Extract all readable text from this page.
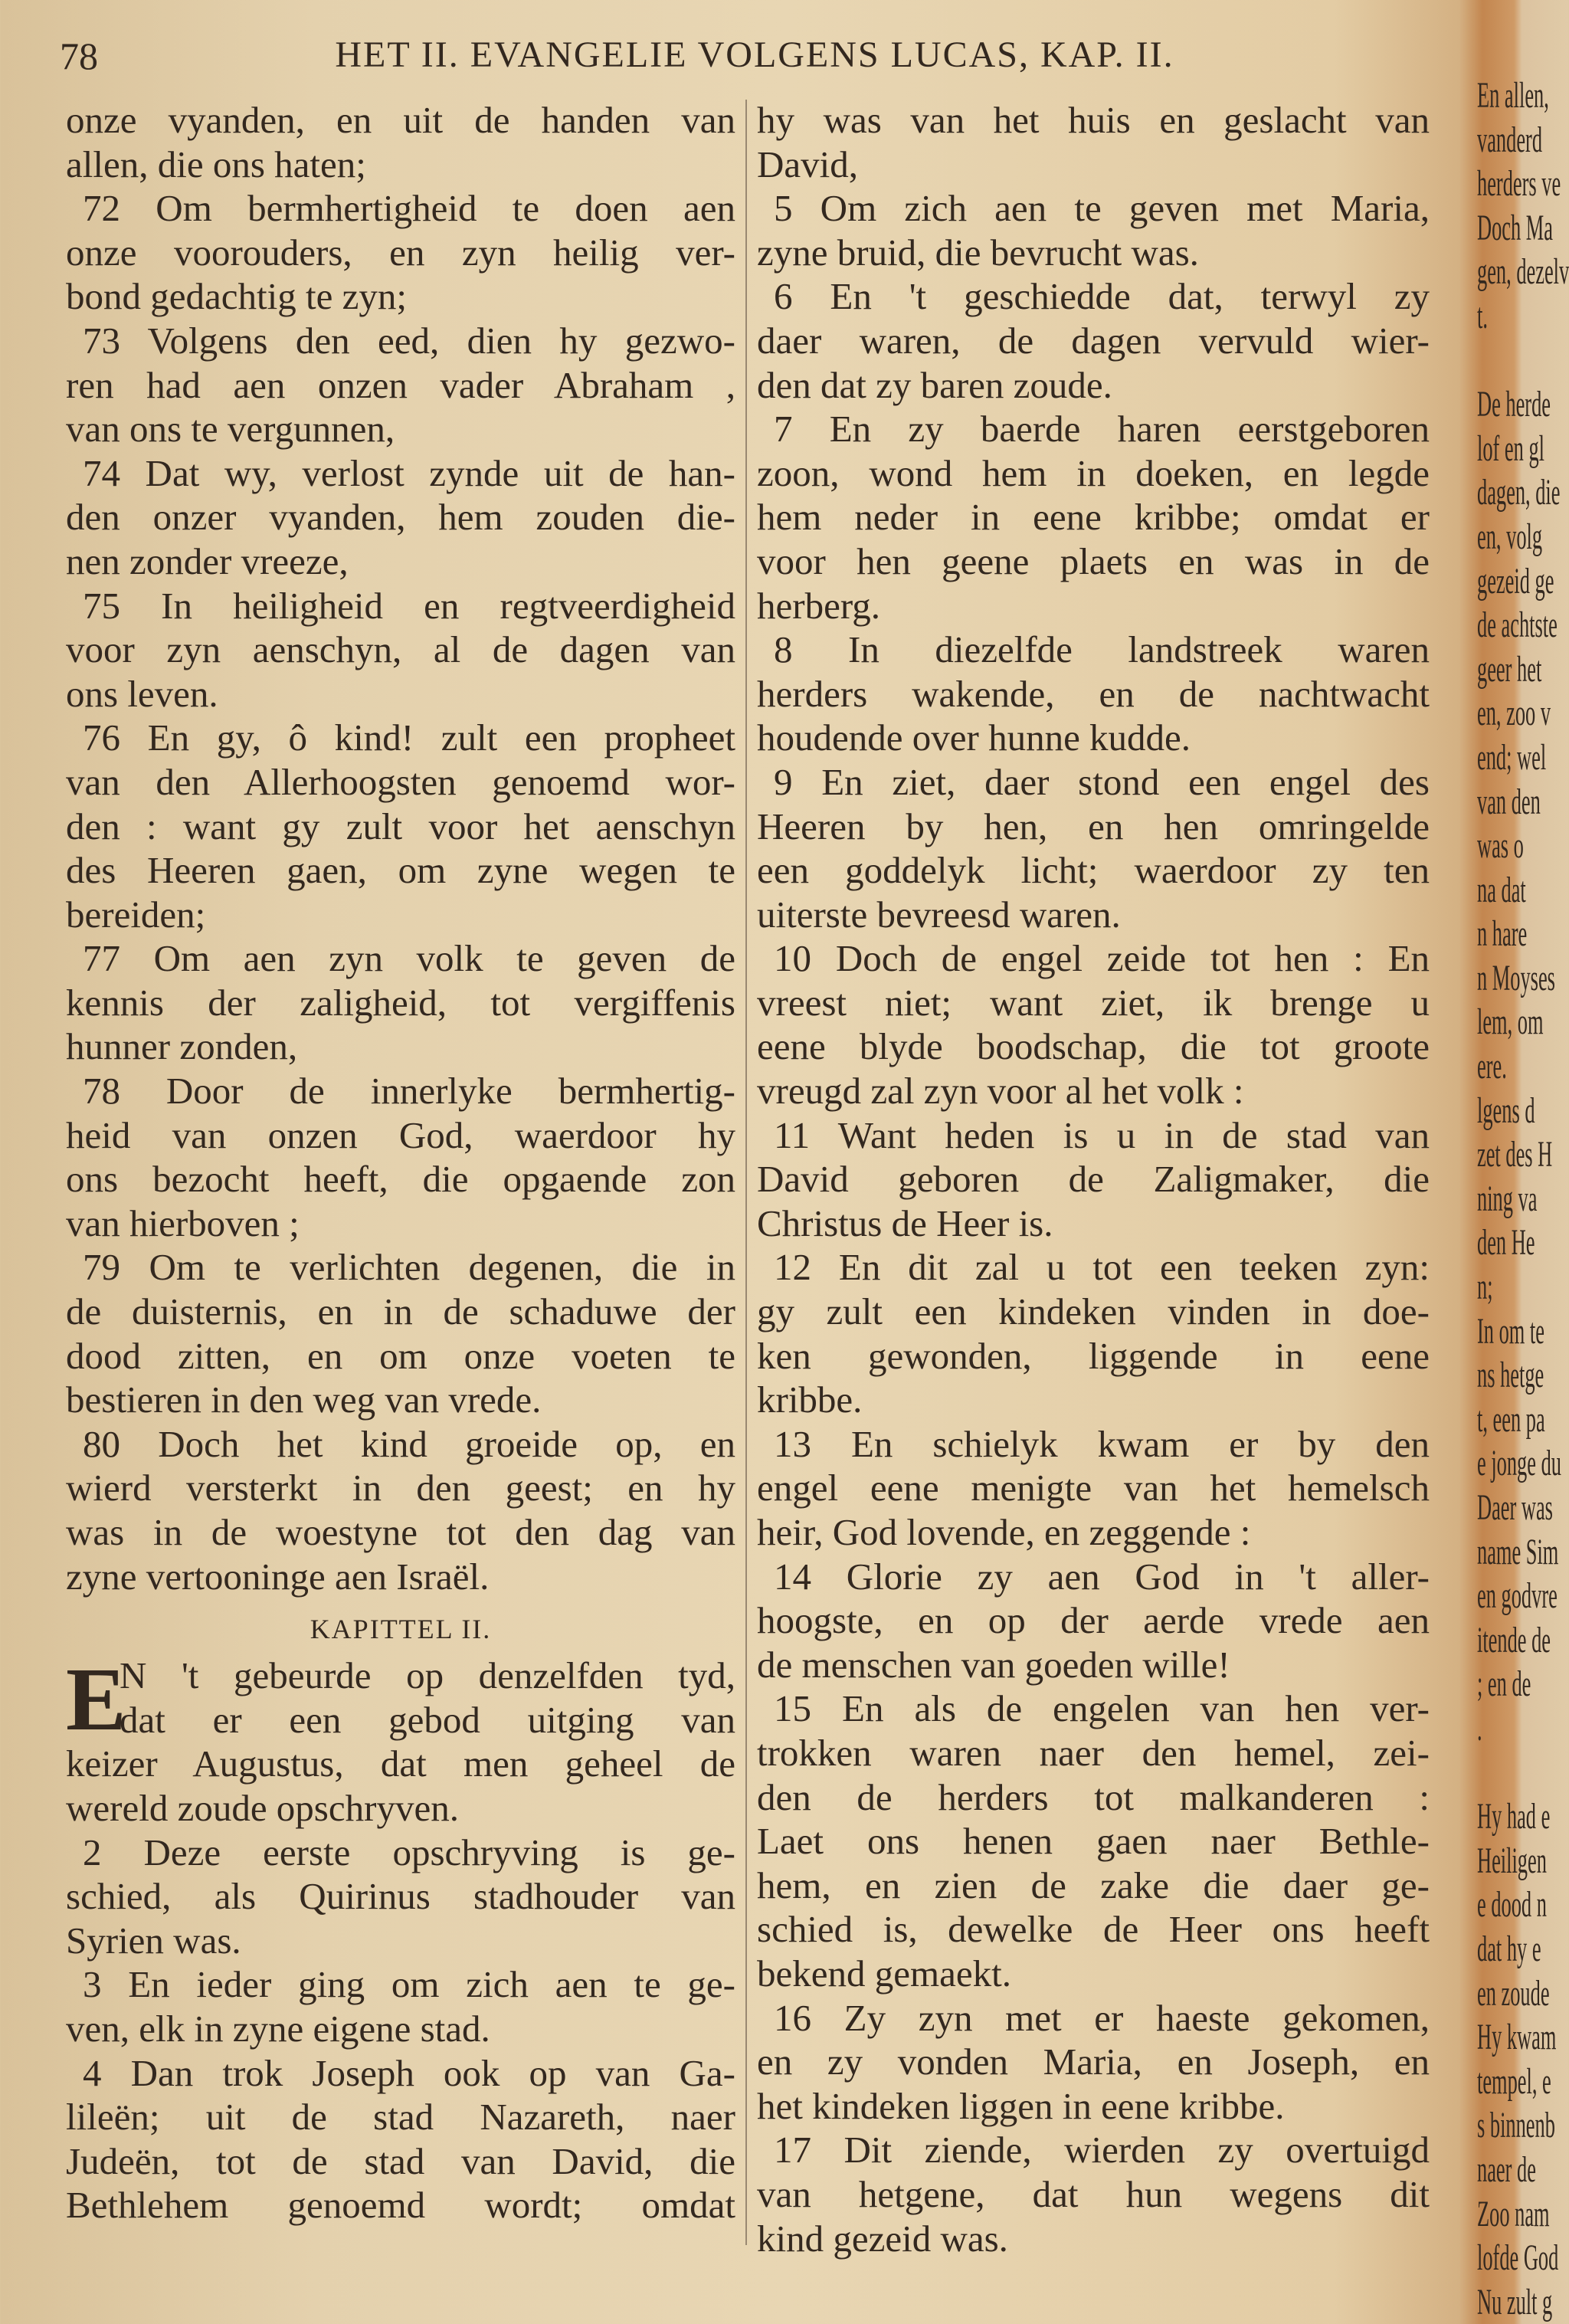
78	HET II. EVANGELIE VOLGENS LUCAS, KAP. II.
onze vyanden, en uit de handen van
allen, die ons haten;
72 Om bermhertigheid te doen aen
onze voorouders, en zyn heilig ver-
bond gedachtig te zyn;
73 Volgens den eed, dien hy gezwo-
ren had aen onzen vader Abraham ,
van ons te vergunnen,
74 Dat wy, verlost zynde uit de han-
den onzer vyanden, hem zouden die-
nen zonder vreeze,
75 In heiligheid en regtveerdigheid
voor zyn aenschyn, al de dagen van
ons leven.
76 En gy, ô kind! zult een propheet
van den Allerhoogsten genoemd wor-
den : want gy zult voor het aenschyn
des Heeren gaen, om zyne wegen te
bereiden;
77 Om aen zyn volk te geven de
kennis der zaligheid, tot vergiffenis
hunner zonden,
78 Door de innerlyke bermhertig-
heid van onzen God, waerdoor hy
ons bezocht heeft, die opgaende zon
van hierboven ;
79 Om te verlichten degenen, die in
de duisternis, en in de schaduwe der
dood zitten, en om onze voeten te
bestieren in den weg van vrede.
80 Doch het kind groeide op, en
wierd versterkt in den geest; en hy
was in de woestyne tot den dag van
zyne vertooninge aen Israël.
KAPITTEL II.
E
N 't gebeurde op denzelfden tyd,
dat er een gebod uitging van
keizer Augustus, dat men geheel de
wereld zoude opschryven.
2 Deze eerste opschryving is ge-
schied, als Quirinus stadhouder van
Syrien was.
3 En ieder ging om zich aen te ge-
ven, elk in zyne eigene stad.
4 Dan trok Joseph ook op van Ga-
lileën; uit de stad Nazareth, naer
Judeën, tot de stad van David, die
Bethlehem genoemd wordt; omdat
hy was van het huis en geslacht van
David,
5 Om zich aen te geven met Maria,
zyne bruid, die bevrucht was.
6 En 't geschiedde dat, terwyl zy
daer waren, de dagen vervuld wier-
den dat zy baren zoude.
7 En zy baerde haren eerstgeboren
zoon, wond hem in doeken, en legde
hem neder in eene kribbe; omdat er
voor hen geene plaets en was in de
herberg.
8 In diezelfde landstreek waren
herders wakende, en de nachtwacht
houdende over hunne kudde.
9 En ziet, daer stond een engel des
Heeren by hen, en hen omringelde
een goddelyk licht; waerdoor zy ten
uiterste bevreesd waren.
10 Doch de engel zeide tot hen : En
vreest niet; want ziet, ik brenge u
eene blyde boodschap, die tot groote
vreugd zal zyn voor al het volk :
11 Want heden is u in de stad van
David geboren de Zaligmaker, die
Christus de Heer is.
12 En dit zal u tot een teeken zyn:
gy zult een kindeken vinden in doe-
ken gewonden, liggende in eene
kribbe.
13 En schielyk kwam er by den
engel eene menigte van het hemelsch
heir, God lovende, en zeggende :
14 Glorie zy aen God in 't aller-
hoogste, en op der aerde vrede aen
de menschen van goeden wille!
15 En als de engelen van hen ver-
trokken waren naer den hemel, zei-
den de herders tot malkanderen :
Laet ons henen gaen naer Bethle-
hem, en zien de zake die daer ge-
schied is, dewelke de Heer ons heeft
bekend gemaekt.
16 Zy zyn met er haeste gekomen,
en zy vonden Maria, en Joseph, en
het kindeken liggen in eene kribbe.
17 Dit ziende, wierden zy overtuigd
van hetgene, dat hun wegens dit
kind gezeid was.
En allen,
vanderd
herders ve
Doch Ma
gen, dezelv
t.
De herde
lof en gl
dagen, die
en, volg
gezeid ge
de achtste
geer het
en, zoo v
end; wel
van den
was o
na dat
n hare
n Moyses
lem, om
ere.
lgens d
zet des H
ning va
den He
n;
In om te
ns hetge
t, een pa
e jonge du
Daer was
name Sim
en godvre
itende de
; en de
.
Hy had e
Heiligen
e dood n
dat hy e
en zoude
Hy kwam
tempel, e
s binnenb
naer de
Zoo nam
lofde God
Nu zult g
